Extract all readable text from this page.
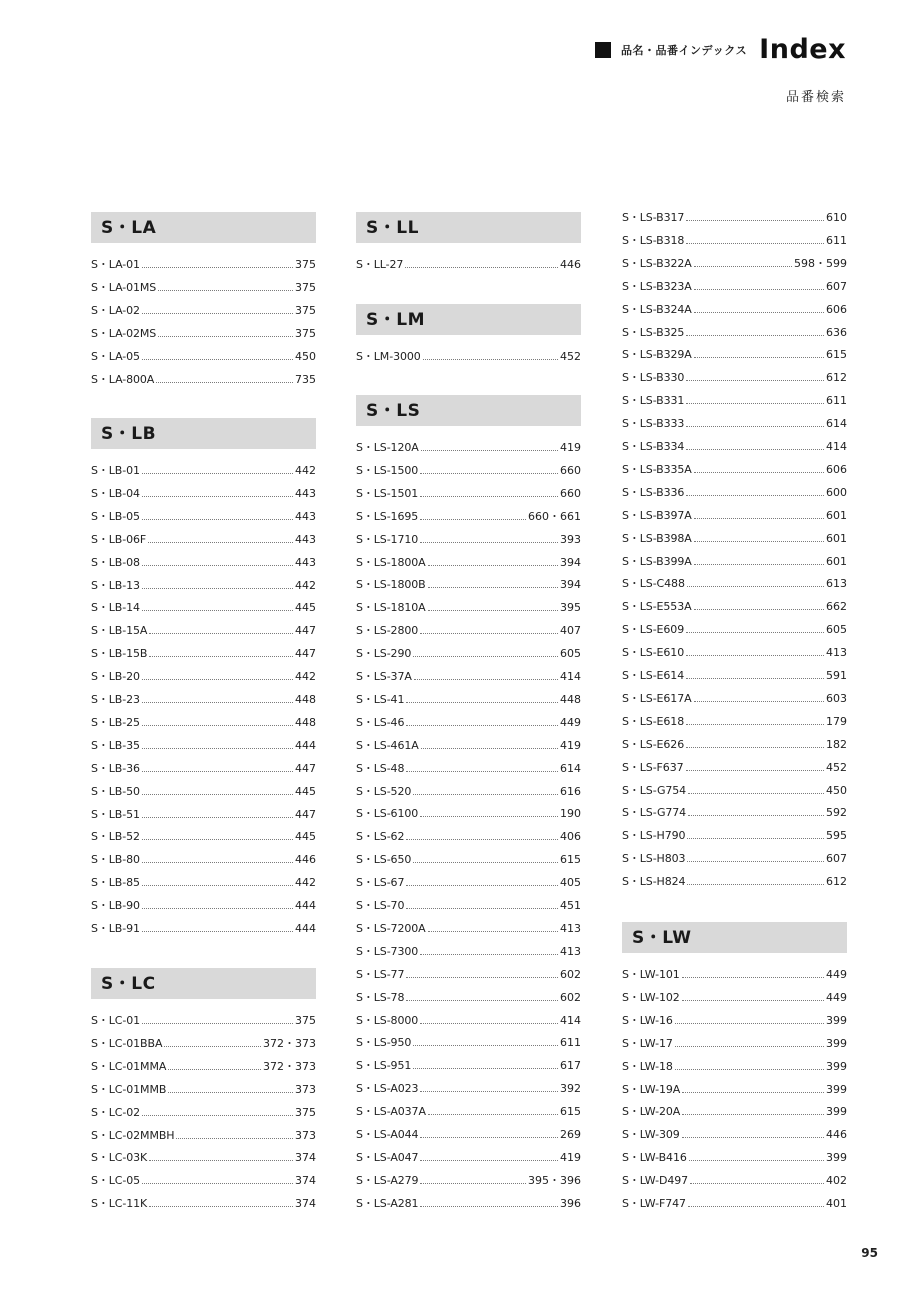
品名・品番インデックス Index
品番検索
S・LA
S・LA-01	375
S・LA-01MS	375
S・LA-02	375
S・LA-02MS	375
S・LA-05	450
S・LA-800A	735
S・LB
S・LB-01	442
S・LB-04	443
S・LB-05	443
S・LB-06F	443
S・LB-08	443
S・LB-13	442
S・LB-14	445
S・LB-15A	447
S・LB-15B	447
S・LB-20	442
S・LB-23	448
S・LB-25	448
S・LB-35	444
S・LB-36	447
S・LB-50	445
S・LB-51	447
S・LB-52	445
S・LB-80	446
S・LB-85	442
S・LB-90	444
S・LB-91	444
S・LC
S・LC-01	375
S・LC-01BBA	372・373
S・LC-01MMA	372・373
S・LC-01MMB	373
S・LC-02	375
S・LC-02MMBH	373
S・LC-03K	374
S・LC-05	374
S・LC-11K	374
S・LL
S・LL-27	446
S・LM
S・LM-3000	452
S・LS
S・LS-120A	419
S・LS-1500	660
S・LS-1501	660
S・LS-1695	660・661
S・LS-1710	393
S・LS-1800A	394
S・LS-1800B	394
S・LS-1810A	395
S・LS-2800	407
S・LS-290	605
S・LS-37A	414
S・LS-41	448
S・LS-46	449
S・LS-461A	419
S・LS-48	614
S・LS-520	616
S・LS-6100	190
S・LS-62	406
S・LS-650	615
S・LS-67	405
S・LS-70	451
S・LS-7200A	413
S・LS-7300	413
S・LS-77	602
S・LS-78	602
S・LS-8000	414
S・LS-950	611
S・LS-951	617
S・LS-A023	392
S・LS-A037A	615
S・LS-A044	269
S・LS-A047	419
S・LS-A279	395・396
S・LS-A281	396
S・LS-B317	610
S・LS-B318	611
S・LS-B322A	598・599
S・LS-B323A	607
S・LS-B324A	606
S・LS-B325	636
S・LS-B329A	615
S・LS-B330	612
S・LS-B331	611
S・LS-B333	614
S・LS-B334	414
S・LS-B335A	606
S・LS-B336	600
S・LS-B397A	601
S・LS-B398A	601
S・LS-B399A	601
S・LS-C488	613
S・LS-E553A	662
S・LS-E609	605
S・LS-E610	413
S・LS-E614	591
S・LS-E617A	603
S・LS-E618	179
S・LS-E626	182
S・LS-F637	452
S・LS-G754	450
S・LS-G774	592
S・LS-H790	595
S・LS-H803	607
S・LS-H824	612
S・LW
S・LW-101	449
S・LW-102	449
S・LW-16	399
S・LW-17	399
S・LW-18	399
S・LW-19A	399
S・LW-20A	399
S・LW-309	446
S・LW-B416	399
S・LW-D497	402
S・LW-F747	401
95
